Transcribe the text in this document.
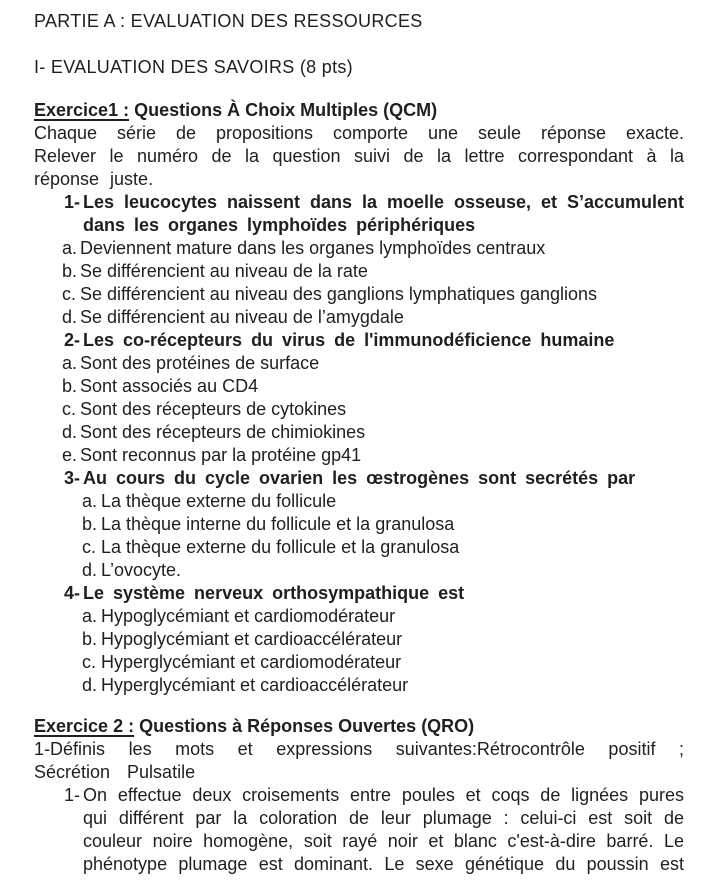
PARTIE A : EVALUATION DES RESSOURCES

I- EVALUATION DES SAVOIRS (8 pts)

Exercice1 : Questions À Choix Multiples (QCM)

Chaque série de propositions comporte une seule réponse exacte. Relever le numéro de la question suivi de la lettre correspondant à la réponse juste.

1- Les leucocytes naissent dans la moelle osseuse, et S’accumulent dans les organes lymphoïdes périphériques
a. Deviennent mature dans les organes lymphoïdes centraux
b. Se différencient au niveau de la rate
c. Se différencient au niveau des ganglions lymphatiques ganglions
d. Se différencient au niveau de l’amygdale
2- Les co-récepteurs du virus de l'immunodéficience humaine
a. Sont des protéines de surface
b. Sont associés au CD4
c. Sont des récepteurs de cytokines
d. Sont des récepteurs de chimiokines
e. Sont reconnus par la protéine gp41
3- Au cours du cycle ovarien les œstrogènes sont secrétés par
a. La thèque externe du follicule
b. La thèque interne du follicule et la granulosa
c. La thèque externe du follicule et la granulosa
d. L’ovocyte.
4- Le système nerveux orthosympathique est
a. Hypoglycémiant et cardiomodérateur
b. Hypoglycémiant et cardioaccélérateur
c. Hyperglycémiant et cardiomodérateur
d. Hyperglycémiant et cardioaccélérateur

Exercice 2 : Questions à Réponses Ouvertes (QRO)

1-Définis les mots et expressions suivantes:Rétrocontrôle positif ; Sécrétion Pulsatile

1- On effectue deux croisements entre poules et coqs de lignées pures qui différent par la coloration de leur plumage : celui-ci est soit de couleur noire homogène, soit rayé noir et blanc c'est-à-dire barré. Le phénotype plumage est dominant. Le sexe génétique du poussin est
